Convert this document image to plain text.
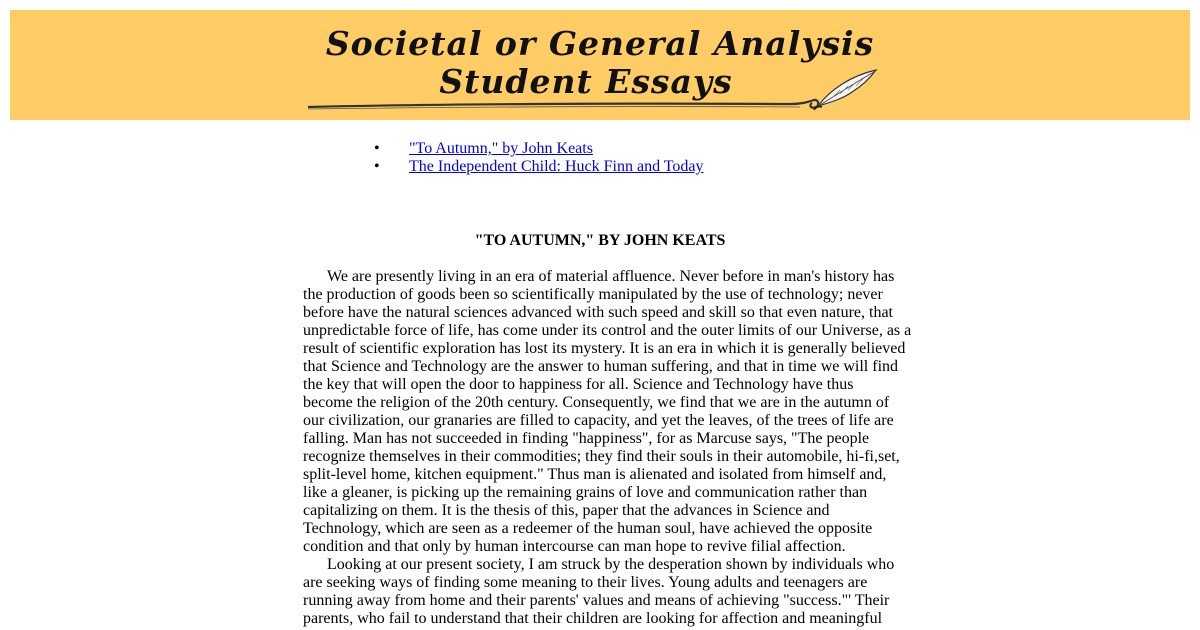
Societal or General Analysis
Student Essays
• "To Autumn," by John Keats
• The Independent Child: Huck Finn and Today
"TO AUTUMN," BY JOHN KEATS
We are presently living in an era of material affluence. Never before in man's history has
the production of goods been so scientifically manipulated by the use of technology; never
before have the natural sciences advanced with such speed and skill so that even nature, that
unpredictable force of life, has come under its control and the outer limits of our Universe, as a
result of scientific exploration has lost its mystery. It is an era in which it is generally believed
that Science and Technology are the answer to human suffering, and that in time we will find
the key that will open the door to happiness for all. Science and Technology have thus
become the religion of the 20th century. Consequently, we find that we are in the autumn of
our civilization, our granaries are filled to capacity, and yet the leaves, of the trees of life are
falling. Man has not succeeded in finding "happiness", for as Marcuse says, "The people
recognize themselves in their commodities; they find their souls in their automobile, hi-fi,set,
split-level home, kitchen equipment." Thus man is alienated and isolated from himself and,
like a gleaner, is picking up the remaining grains of love and communication rather than
capitalizing on them. It is the thesis of this, paper that the advances in Science and
Technology, which are seen as a redeemer of the human soul, have achieved the opposite
condition and that only by human intercourse can man hope to revive filial affection.
Looking at our present society, I am struck by the desperation shown by individuals who
are seeking ways of finding some meaning to their lives. Young adults and teenagers are
running away from home and their parents' values and means of achieving "success."' Their
parents, who fail to understand that their children are looking for affection and meaningful
